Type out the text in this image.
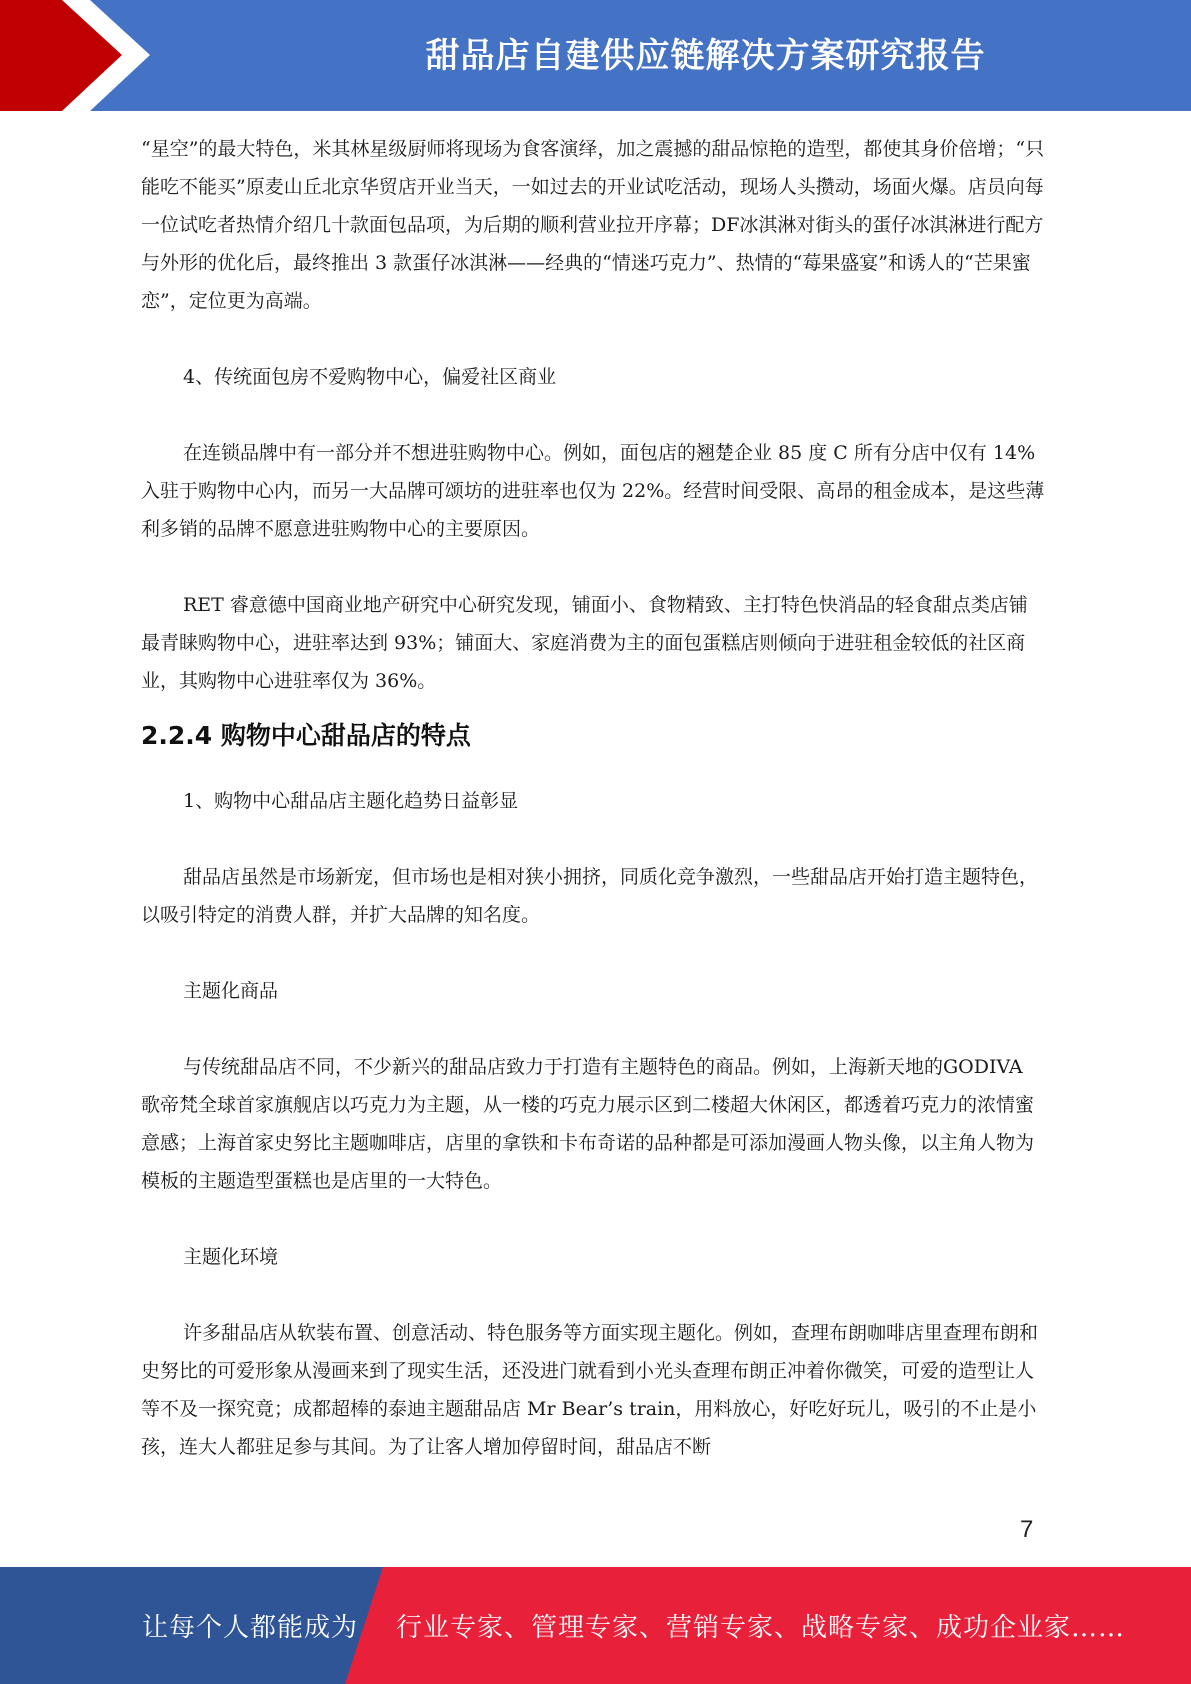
甜品店自建供应链解决方案研究报告

“星空”的最大特色，米其林星级厨师将现场为食客演绎，加之震撼的甜品惊艳的造型，都使其身价倍增；“只能吃不能买”原麦山丘北京华贸店开业当天，一如过去的开业试吃活动，现场人头攒动，场面火爆。店员向每一位试吃者热情介绍几十款面包品项，为后期的顺利营业拉开序幕；DF冰淇淋对街头的蛋仔冰淇淋进行配方与外形的优化后，最终推出 3 款蛋仔冰淇淋——经典的“情迷巧克力”、热情的“莓果盛宴”和诱人的“芒果蜜恋”，定位更为高端。

4、传统面包房不爱购物中心，偏爱社区商业

在连锁品牌中有一部分并不想进驻购物中心。例如，面包店的翘楚企业 85 度 C 所有分店中仅有 14%入驻于购物中心内，而另一大品牌可颂坊的进驻率也仅为 22%。经营时间受限、高昂的租金成本，是这些薄利多销的品牌不愿意进驻购物中心的主要原因。

RET 睿意德中国商业地产研究中心研究发现，铺面小、食物精致、主打特色快消品的轻食甜点类店铺最青睐购物中心，进驻率达到 93%；铺面大、家庭消费为主的面包蛋糕店则倾向于进驻租金较低的社区商业，其购物中心进驻率仅为 36%。

2.2.4 购物中心甜品店的特点

1、购物中心甜品店主题化趋势日益彰显

甜品店虽然是市场新宠，但市场也是相对狭小拥挤，同质化竞争激烈，一些甜品店开始打造主题特色，以吸引特定的消费人群，并扩大品牌的知名度。

主题化商品

与传统甜品店不同，不少新兴的甜品店致力于打造有主题特色的商品。例如，上海新天地的GODIVA 歌帝梵全球首家旗舰店以巧克力为主题，从一楼的巧克力展示区到二楼超大休闲区，都透着巧克力的浓情蜜意感；上海首家史努比主题咖啡店，店里的拿铁和卡布奇诺的品种都是可添加漫画人物头像，以主角人物为模板的主题造型蛋糕也是店里的一大特色。

主题化环境

许多甜品店从软装布置、创意活动、特色服务等方面实现主题化。例如，查理布朗咖啡店里查理布朗和史努比的可爱形象从漫画来到了现实生活，还没进门就看到小光头查理布朗正冲着你微笑，可爱的造型让人等不及一探究竟；成都超棒的泰迪主题甜品店 Mr Bear’s train，用料放心，好吃好玩儿，吸引的不止是小孩，连大人都驻足参与其间。为了让客人增加停留时间，甜品店不断

7
让每个人都能成为 行业专家、管理专家、营销专家、战略专家、成功企业家……
